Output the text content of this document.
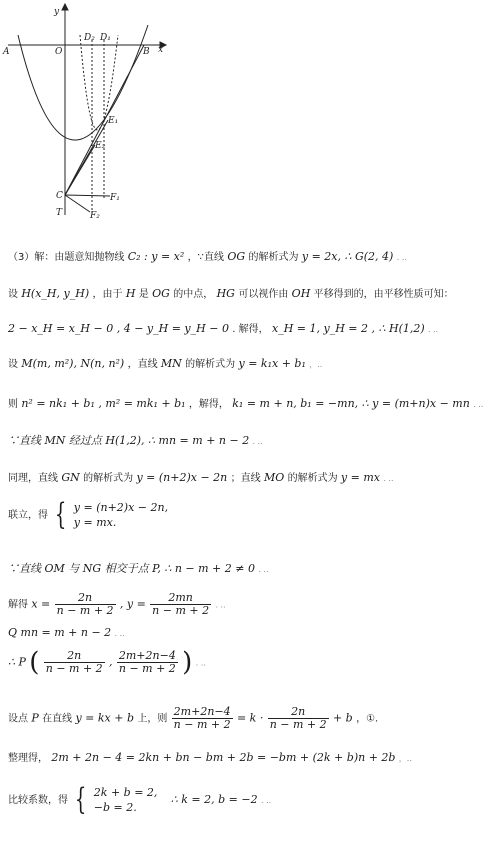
y
x
O
A	B
D₂ D₁
E₁
E₂
C
T
F₁
F₂
（3）解：由题意知抛物线 C₂ : y = x² ，∵直线 OG 的解析式为 y = 2x, ∴ G(2, 4) . ..
设 H(x_H, y_H) ，由于 H 是 OG 的中点， HG 可以视作由 OH 平移得到的，由平移性质可知：
2 − x_H = x_H − 0 , 4 − y_H = y_H − 0 . 解得， x_H = 1, y_H = 2 , ∴ H(1,2) . ..
设 M(m, m²), N(n, n²) ，直线 MN 的解析式为 y = k₁x + b₁ ，..
则 n² = nk₁ + b₁ , m² = mk₁ + b₁ ，解得， k₁ = m + n, b₁ = −mn, ∴ y = (m+n)x − mn . ..
∵直线 MN 经过点 H(1,2), ∴ mn = m + n − 2 . ..
同理，直线 GN 的解析式为 y = (n+2)x − 2n ；直线 MO 的解析式为 y = mx . ..
联立，得 { y = (n+2)x − 2n,
y = mx.
∵直线 OM 与 NG 相交于点 P, ∴ n − m + 2 ≠ 0 . ..
解得 $x = \frac{2n}{n - m + 2}$ , $y = \frac{2mn}{n - m + 2}$ . ..
Q mn = m + n − 2 . ..
∴ P ( $\frac{2n}{n - m + 2}$ , $\frac{2m+2n-4}{n - m + 2}$ ) . ..
设点 P 在直线 y = kx + b 上，则 $\frac{2m+2n-4}{n - m + 2} = k \cdot \frac{2n}{n - m + 2} + b$ ，①．
整理得， 2m + 2n − 4 = 2kn + bn − bm + 2b = −bm + (2k + b)n + 2b ，..
比较系数，得 { 2k + b = 2,
−b = 2.    ∴ k = 2, b = −2 . ..
